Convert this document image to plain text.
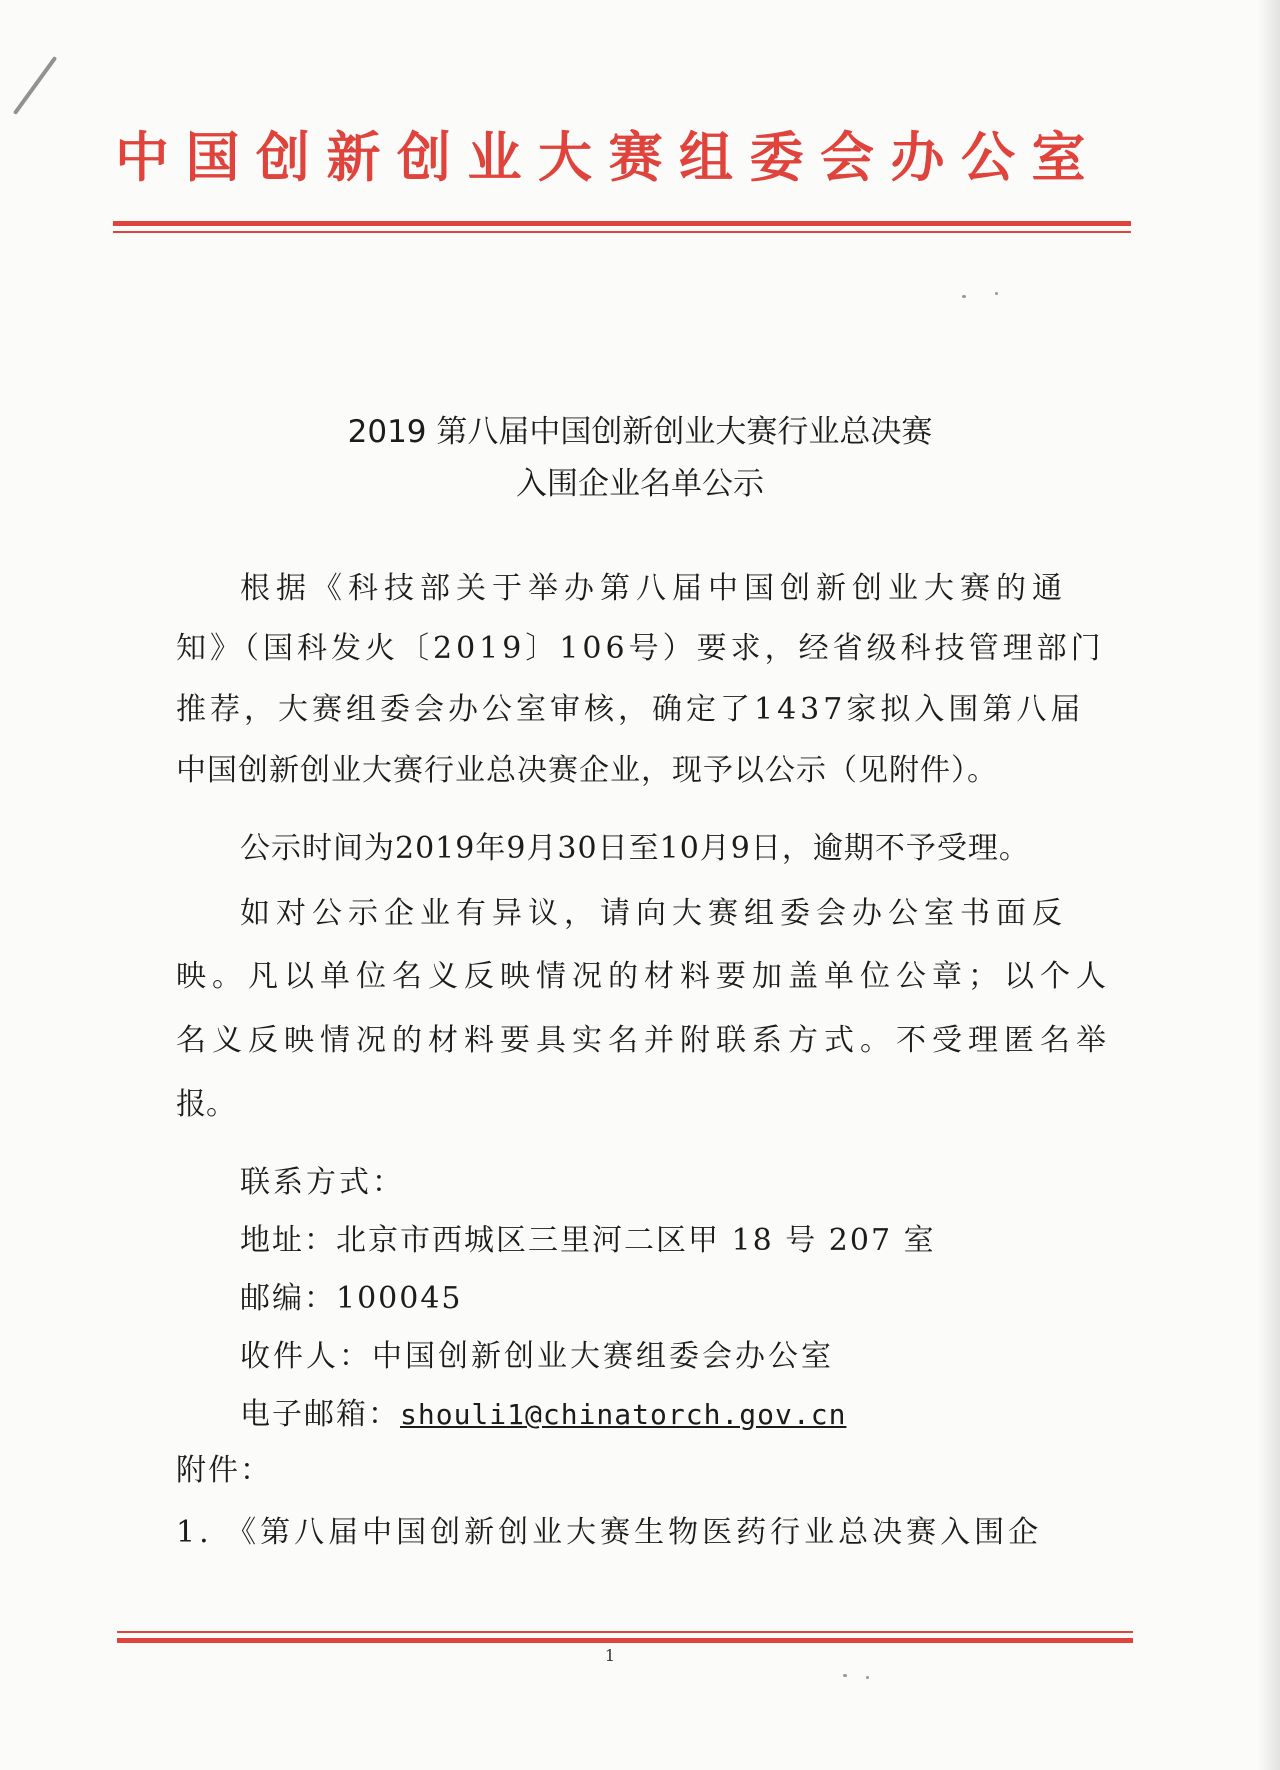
中国创新创业大赛组委会办公室
2019 第八届中国创新创业大赛行业总决赛
入围企业名单公示
根据《科技部关于举办第八届中国创新创业大赛的通
知》（国科发火〔2019〕106号）要求，经省级科技管理部门
推荐，大赛组委会办公室审核，确定了1437家拟入围第八届
中国创新创业大赛行业总决赛企业，现予以公示（见附件）。
公示时间为2019年9月30日至10月9日，逾期不予受理。
如对公示企业有异议，请向大赛组委会办公室书面反
映。凡以单位名义反映情况的材料要加盖单位公章；以个人
名义反映情况的材料要具实名并附联系方式。不受理匿名举
报。
联系方式：
地址：北京市西城区三里河二区甲 18 号 207 室
邮编：100045
收件人：中国创新创业大赛组委会办公室
电子邮箱：shouli1@chinatorch.gov.cn
附件：
1. 《第八届中国创新创业大赛生物医药行业总决赛入围企
1
